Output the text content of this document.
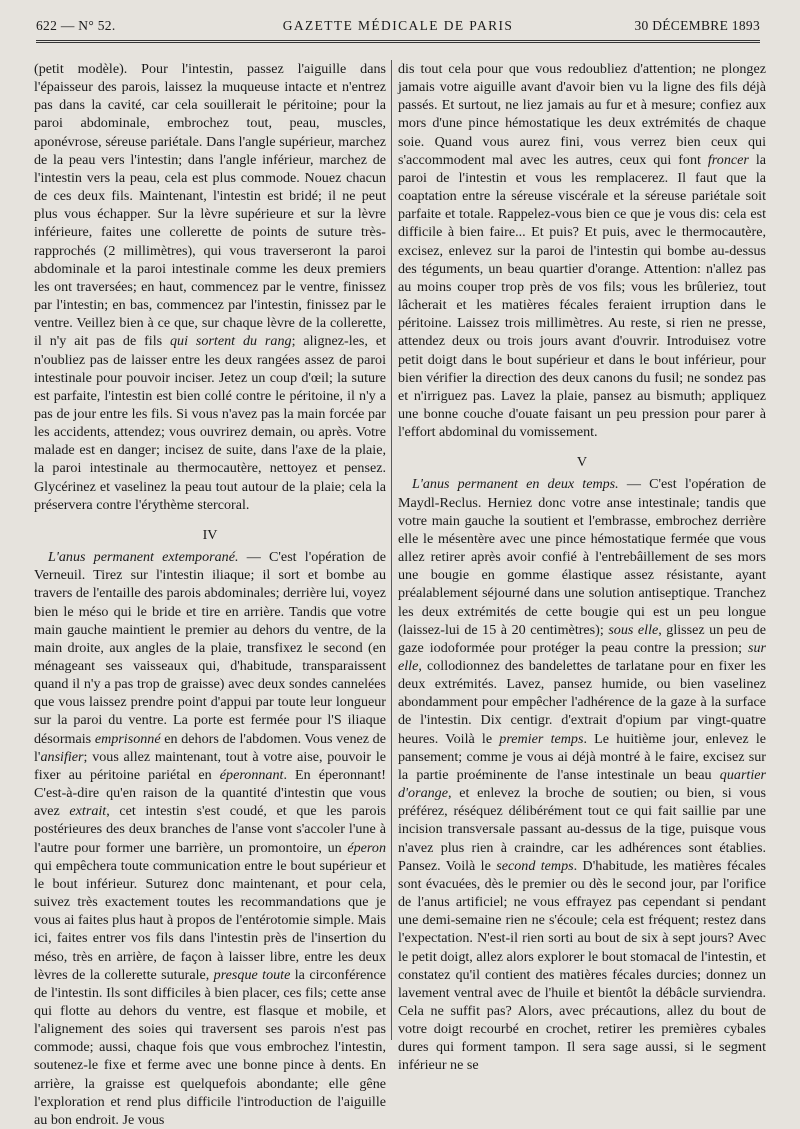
622 — N° 52.	GAZETTE MÉDICALE DE PARIS	30 DÉCEMBRE 1893

(petit modèle). Pour l'intestin, passez l'aiguille dans l'épaisseur des parois, laissez la muqueuse intacte et n'entrez pas dans la cavité, car cela souillerait le péritoine; pour la paroi abdominale, embrochez tout, peau, muscles, aponévrose, séreuse pariétale. Dans l'angle supérieur, marchez de la peau vers l'intestin; dans l'angle inférieur, marchez de l'intestin vers la peau, cela est plus commode. Nouez chacun de ces deux fils. Maintenant, l'intestin est bridé; il ne peut plus vous échapper. Sur la lèvre supérieure et sur la lèvre inférieure, faites une collerette de points de suture très-rapprochés (2 millimètres), qui vous traverseront la paroi abdominale et la paroi intestinale comme les deux premiers les ont traversées; en haut, commencez par le ventre, finissez par l'intestin; en bas, commencez par l'intestin, finissez par le ventre. Veillez bien à ce que, sur chaque lèvre de la collerette, il n'y ait pas de fils qui sortent du rang; alignez-les, et n'oubliez pas de laisser entre les deux rangées assez de paroi intestinale pour pouvoir inciser. Jetez un coup d'œil; la suture est parfaite, l'intestin est bien collé contre le péritoine, il n'y a pas de jour entre les fils. Si vous n'avez pas la main forcée par les accidents, attendez; vous ouvrirez demain, ou après. Votre malade est en danger; incisez de suite, dans l'axe de la plaie, la paroi intestinale au thermocautère, nettoyez et pensez. Glycérinez et vaselinez la peau tout autour de la plaie; cela la préservera contre l'érythème stercoral.

IV

L'anus permanent extemporané. — C'est l'opération de Verneuil. Tirez sur l'intestin iliaque; il sort et bombe au travers de l'entaille des parois abdominales; derrière lui, voyez bien le méso qui le bride et tire en arrière. Tandis que votre main gauche maintient le premier au dehors du ventre, de la main droite, aux angles de la plaie, transfixez le second (en ménageant ses vaisseaux qui, d'habitude, transparaissent quand il n'y a pas trop de graisse) avec deux sondes cannelées que vous laissez prendre point d'appui par toute leur longueur sur la paroi du ventre. La porte est fermée pour l'S iliaque désormais emprisonné en dehors de l'abdomen. Vous venez de l'ansifier; vous allez maintenant, tout à votre aise, pouvoir le fixer au péritoine pariétal en éperonnant. En éperonnant! C'est-à-dire qu'en raison de la quantité d'intestin que vous avez extrait, cet intestin s'est coudé, et que les parois postérieures des deux branches de l'anse vont s'accoler l'une à l'autre pour former une barrière, un promontoire, un éperon qui empêchera toute communication entre le bout supérieur et le bout inférieur. Suturez donc maintenant, et pour cela, suivez très exactement toutes les recommandations que je vous ai faites plus haut à propos de l'entérotomie simple. Mais ici, faites entrer vos fils dans l'intestin près de l'insertion du méso, très en arrière, de façon à laisser libre, entre les deux lèvres de la collerette suturale, presque toute la circonférence de l'intestin. Ils sont difficiles à bien placer, ces fils; cette anse qui flotte au dehors du ventre, est flasque et mobile, et l'alignement des soies qui traversent ses parois n'est pas commode; aussi, chaque fois que vous embrochez l'intestin, soutenez-le fixe et ferme avec une bonne pince à dents. En arrière, la graisse est quelquefois abondante; elle gêne l'exploration et rend plus difficile l'introduction de l'aiguille au bon endroit. Je vous

dis tout cela pour que vous redoubliez d'attention; ne plongez jamais votre aiguille avant d'avoir bien vu la ligne des fils déjà passés. Et surtout, ne liez jamais au fur et à mesure; confiez aux mors d'une pince hémostatique les deux extrémités de chaque soie. Quand vous aurez fini, vous verrez bien ceux qui s'accommodent mal avec les autres, ceux qui font froncer la paroi de l'intestin et vous les remplacerez. Il faut que la coaptation entre la séreuse viscérale et la séreuse pariétale soit parfaite et totale. Rappelez-vous bien ce que je vous dis: cela est difficile à bien faire... Et puis? Et puis, avec le thermocautère, excisez, enlevez sur la paroi de l'intestin qui bombe au-dessus des téguments, un beau quartier d'orange. Attention: n'allez pas au moins couper trop près de vos fils; vous les brûleriez, tout lâcherait et les matières fécales feraient irruption dans le péritoine. Laissez trois millimètres. Au reste, si rien ne presse, attendez deux ou trois jours avant d'ouvrir. Introduisez votre petit doigt dans le bout supérieur et dans le bout inférieur, pour bien vérifier la direction des deux canons du fusil; ne sondez pas et n'irriguez pas. Lavez la plaie, pansez au bismuth; appliquez une bonne couche d'ouate faisant un peu pression pour parer à l'effort abdominal du vomissement.

V

L'anus permanent en deux temps. — C'est l'opération de Maydl-Reclus. Herniez donc votre anse intestinale; tandis que votre main gauche la soutient et l'embrasse, embrochez derrière elle le mésentère avec une pince hémostatique fermée que vous allez retirer après avoir confié à l'entrebâillement de ses mors une bougie en gomme élastique assez résistante, ayant préalablement séjourné dans une solution antiseptique. Tranchez les deux extrémités de cette bougie qui est un peu longue (laissez-lui de 15 à 20 centimètres); sous elle, glissez un peu de gaze iodoformée pour protéger la peau contre la pression; sur elle, collodionnez des bandelettes de tarlatane pour en fixer les deux extrémités. Lavez, pansez humide, ou bien vaselinez abondamment pour empêcher l'adhérence de la gaze à la surface de l'intestin. Dix centigr. d'extrait d'opium par vingt-quatre heures. Voilà le premier temps. Le huitième jour, enlevez le pansement; comme je vous ai déjà montré à le faire, excisez sur la partie proéminente de l'anse intestinale un beau quartier d'orange, et enlevez la broche de soutien; ou bien, si vous préférez, réséquez délibérément tout ce qui fait saillie par une incision transversale passant au-dessus de la tige, puisque vous n'avez plus rien à craindre, car les adhérences sont établies. Pansez. Voilà le second temps. D'habitude, les matières fécales sont évacuées, dès le premier ou dès le second jour, par l'orifice de l'anus artificiel; ne vous effrayez pas cependant si pendant une demi-semaine rien ne s'écoule; cela est fréquent; restez dans l'expectation. N'est-il rien sorti au bout de six à sept jours? Avec le petit doigt, allez alors explorer le bout stomacal de l'intestin, et constatez qu'il contient des matières fécales durcies; donnez un lavement ventral avec de l'huile et bientôt la débâcle surviendra. Cela ne suffit pas? Alors, avec précautions, allez du bout de votre doigt recourbé en crochet, retirer les premières cybales dures qui forment tampon. Il sera sage aussi, si le segment inférieur ne se
